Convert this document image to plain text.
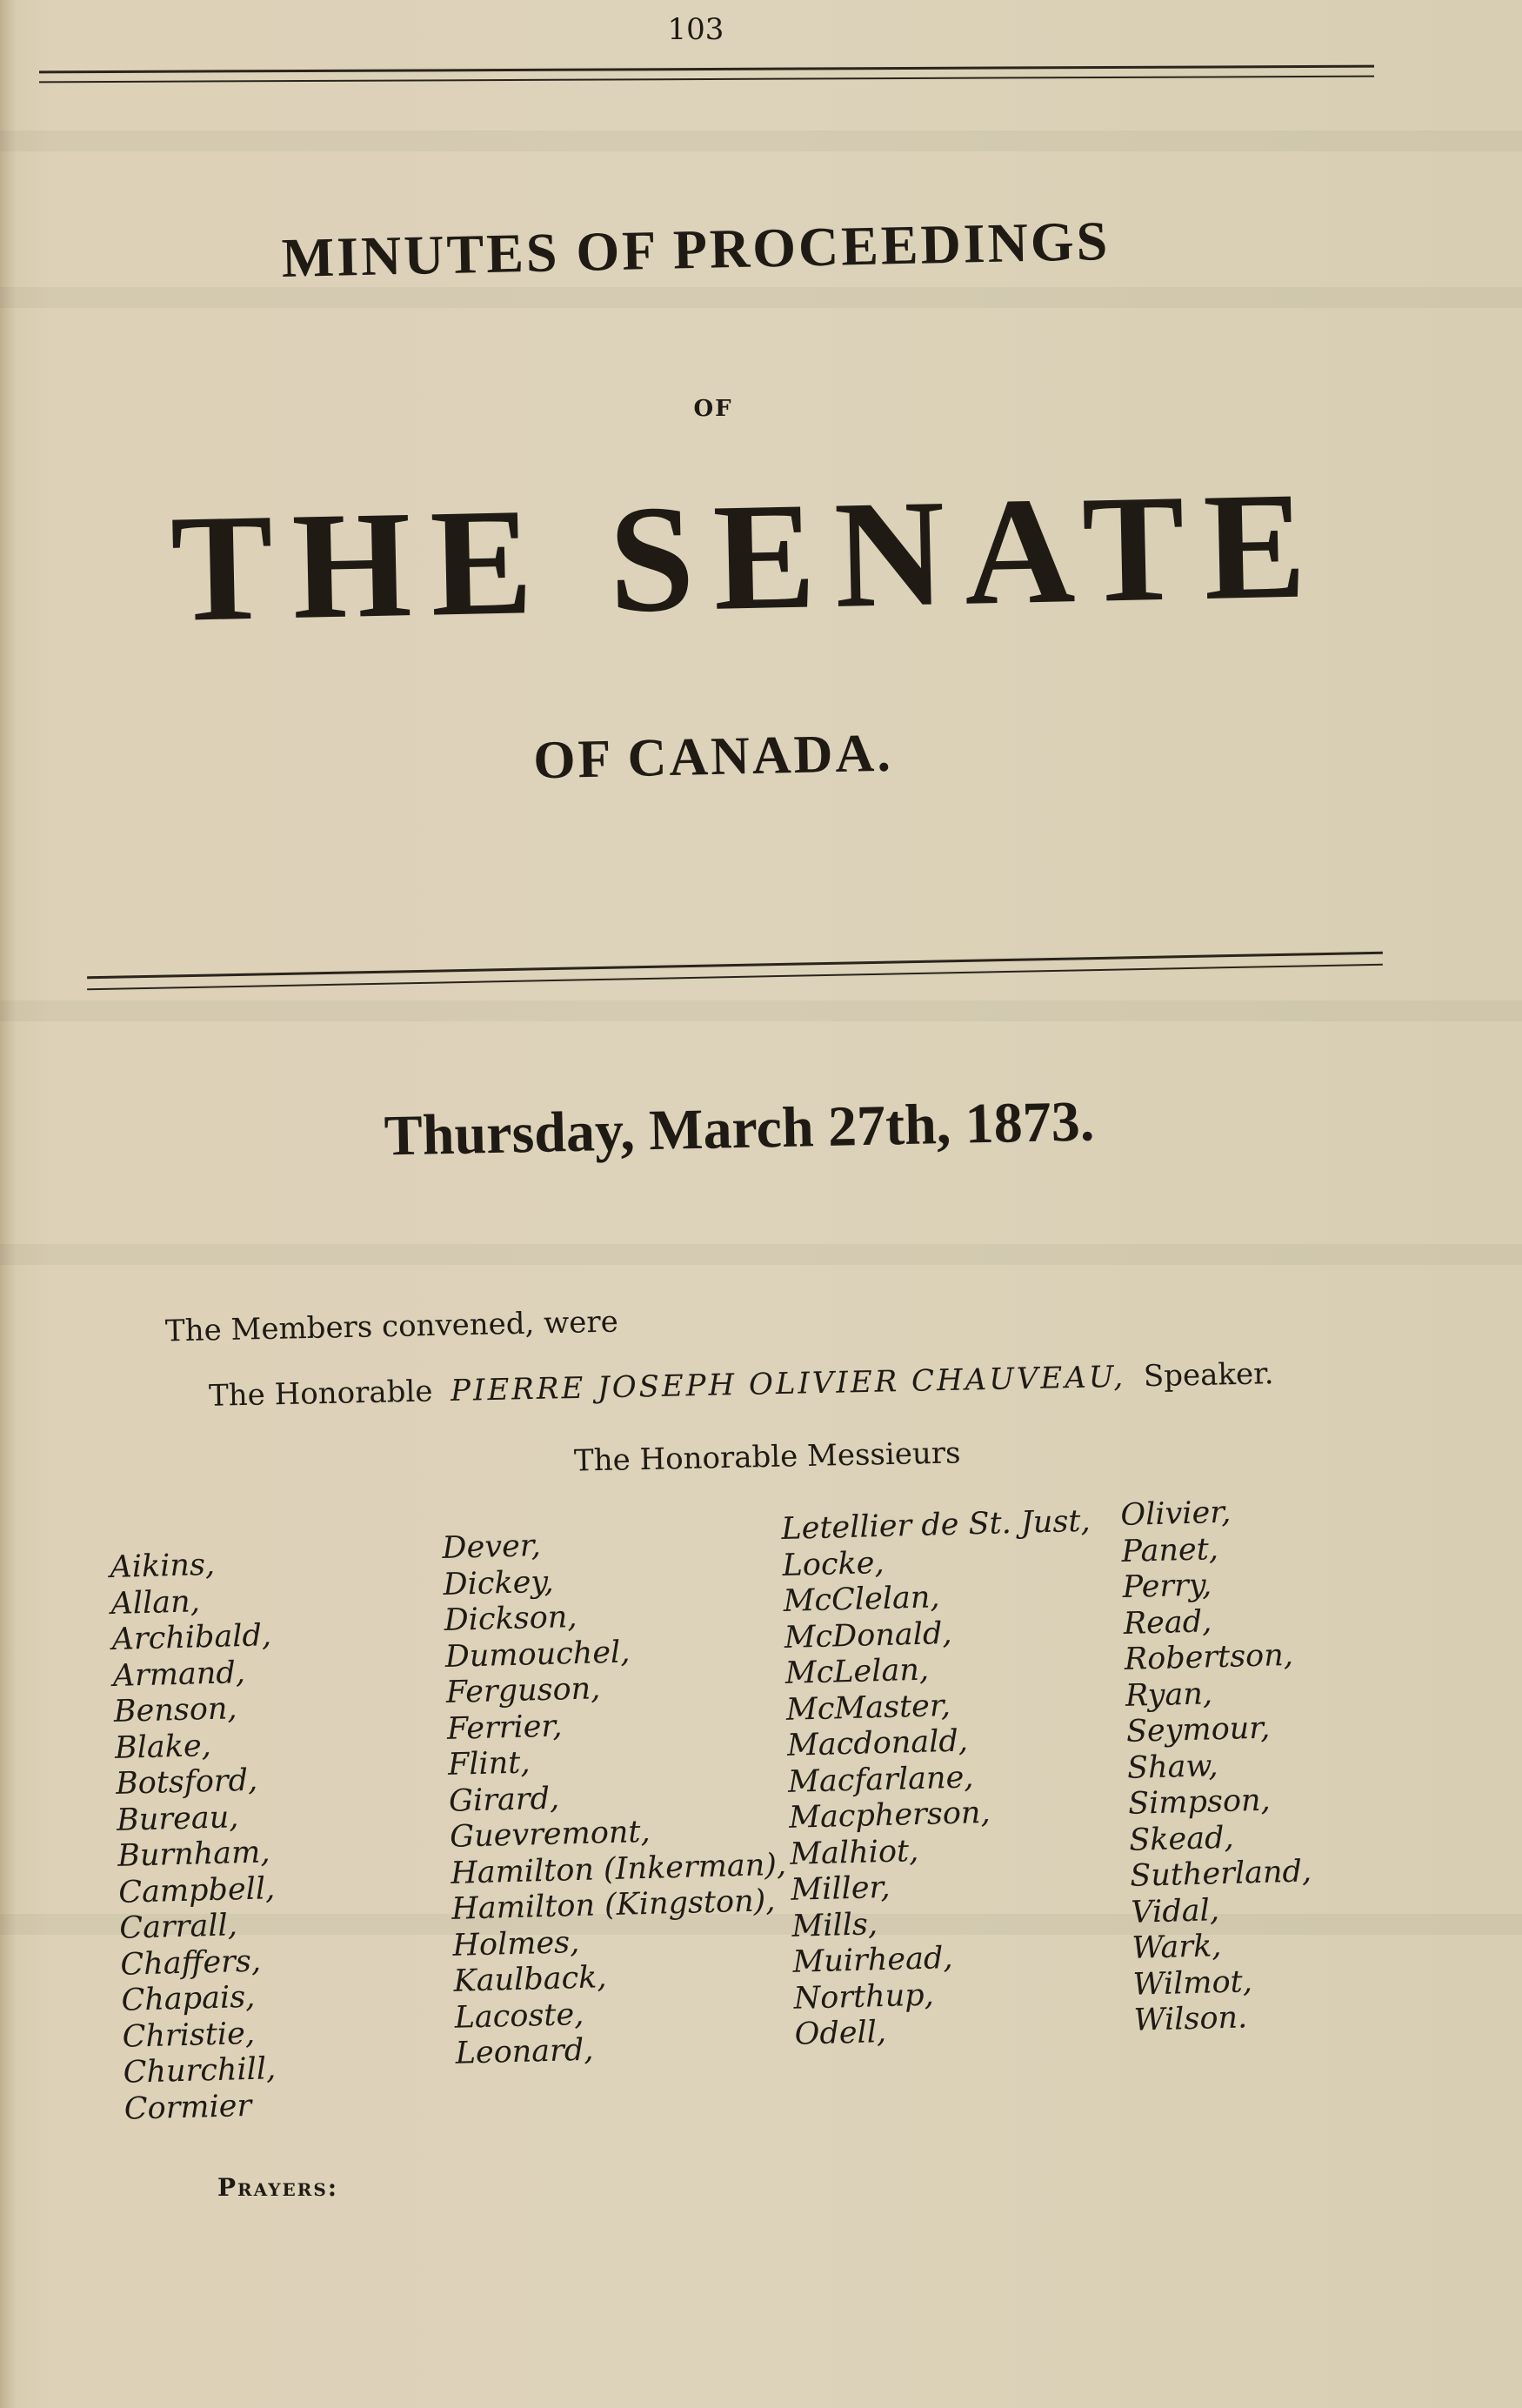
103
MINUTES OF PROCEEDINGS
OF
THE SENATE
OF CANADA.
Thursday, March 27th, 1873.
The Members convened, were
The Honorable PIERRE JOSEPH OLIVIER CHAUVEAU, Speaker.
The Honorable Messieurs
Aikins,
Allan,
Archibald,
Armand,
Benson,
Blake,
Botsford,
Bureau,
Burnham,
Campbell,
Carrall,
Chaffers,
Chapais,
Christie,
Churchill,
Cormier
Dever,
Dickey,
Dickson,
Dumouchel,
Ferguson,
Ferrier,
Flint,
Girard,
Guevremont,
Hamilton (Inkerman),
Hamilton (Kingston),
Holmes,
Kaulback,
Lacoste,
Leonard,
Letellier de St. Just,
Locke,
McClelan,
McDonald,
McLelan,
McMaster,
Macdonald,
Macfarlane,
Macpherson,
Malhiot,
Miller,
Mills,
Muirhead,
Northup,
Odell,
Olivier,
Panet,
Perry,
Read,
Robertson,
Ryan,
Seymour,
Shaw,
Simpson,
Skead,
Sutherland,
Vidal,
Wark,
Wilmot,
Wilson.
Prayers:
